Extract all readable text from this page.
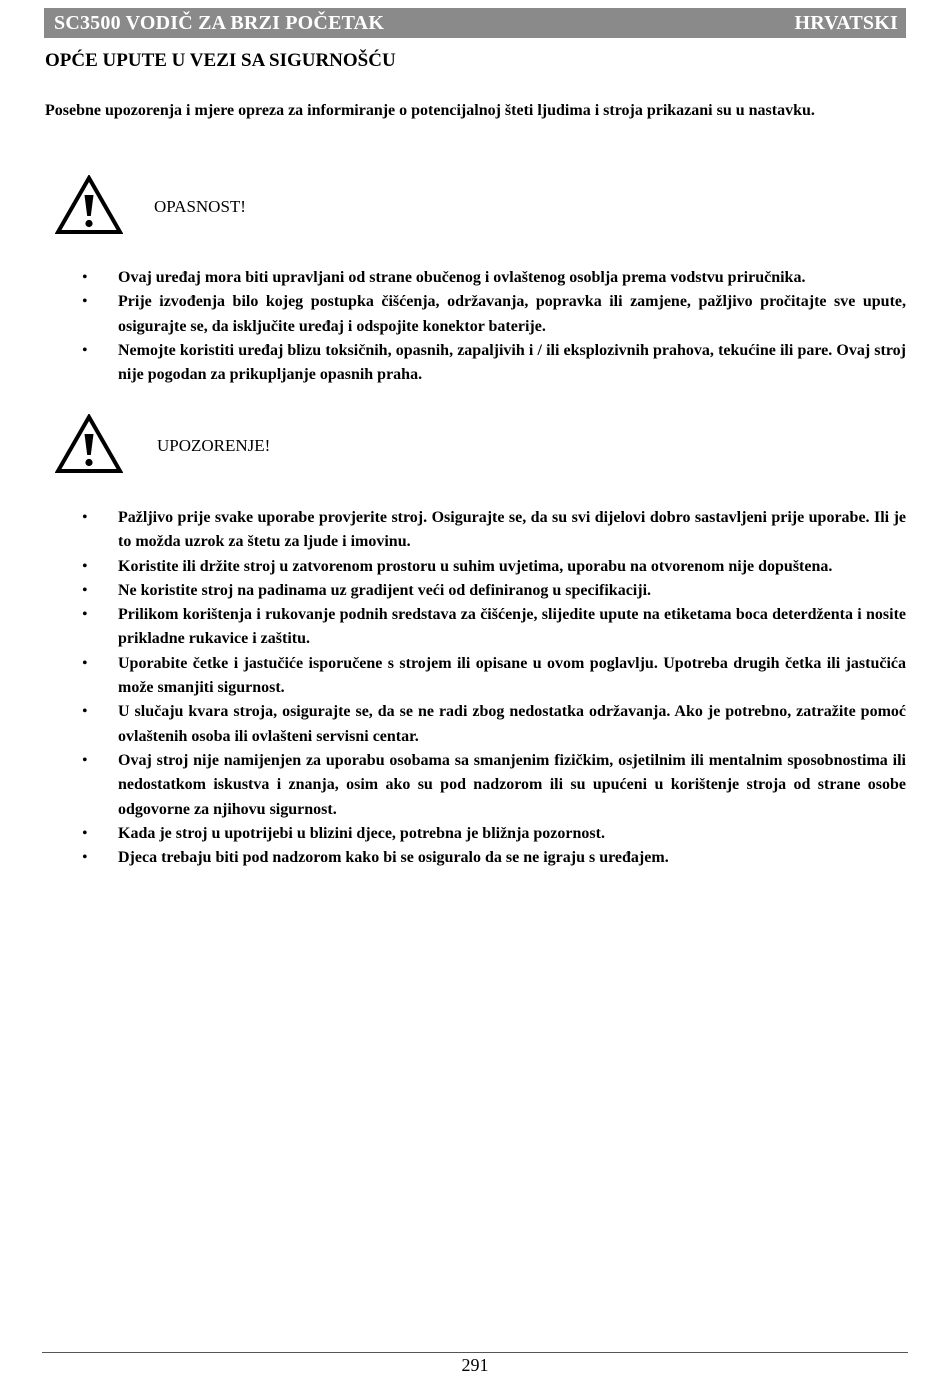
SC3500 VODIČ ZA BRZI POČETAK	HRVATSKI
OPĆE UPUTE U VEZI SA SIGURNOŠĆU

Posebne upozorenja i mjere opreza za informiranje o potencijalnoj šteti ljudima i stroja prikazani su u nastavku.

OPASNOST!
• Ovaj uređaj mora biti upravljani od strane obučenog i ovlaštenog osoblja prema vodstvu priručnika.
• Prije izvođenja bilo kojeg postupka čišćenja, održavanja, popravka ili zamjene, pažljivo pročitajte sve upute, osigurajte se, da isključite uređaj i odspojite konektor baterije.
• Nemojte koristiti uređaj blizu toksičnih, opasnih, zapaljivih i / ili eksplozivnih prahova, tekućine ili pare. Ovaj stroj nije pogodan za prikupljanje opasnih praha.
UPOZORENJE!
• Pažljivo prije svake uporabe provjerite stroj. Osigurajte se, da su svi dijelovi dobro sastavljeni prije uporabe. Ili je to možda uzrok za štetu za ljude i imovinu.
• Koristite ili držite stroj u zatvorenom prostoru u suhim uvjetima, uporabu na otvorenom nije dopuštena.
• Ne koristite stroj na padinama uz gradijent veći od definiranog u specifikaciji.
• Prilikom korištenja i rukovanje podnih sredstava za čišćenje, slijedite upute na etiketama boca deterdženta i nosite prikladne rukavice i zaštitu.
• Uporabite četke i jastučiće isporučene s strojem ili opisane u ovom poglavlju. Upotreba drugih četka ili jastučića može smanjiti sigurnost.
• U slučaju kvara stroja, osigurajte se, da se ne radi zbog nedostatka održavanja. Ako je potrebno, zatražite pomoć ovlaštenih osoba ili ovlašteni servisni centar.
• Ovaj stroj nije namijenjen za uporabu osobama sa smanjenim fizičkim, osjetilnim ili mentalnim sposobnostima ili nedostatkom iskustva i znanja, osim ako su pod nadzorom ili su upućeni u korištenje stroja od strane osobe odgovorne za njihovu sigurnost.
• Kada je stroj u upotrijebi u blizini djece, potrebna je bližnja pozornost.
• Djeca trebaju biti pod nadzorom kako bi se osiguralo da se ne igraju s uređajem.
291
